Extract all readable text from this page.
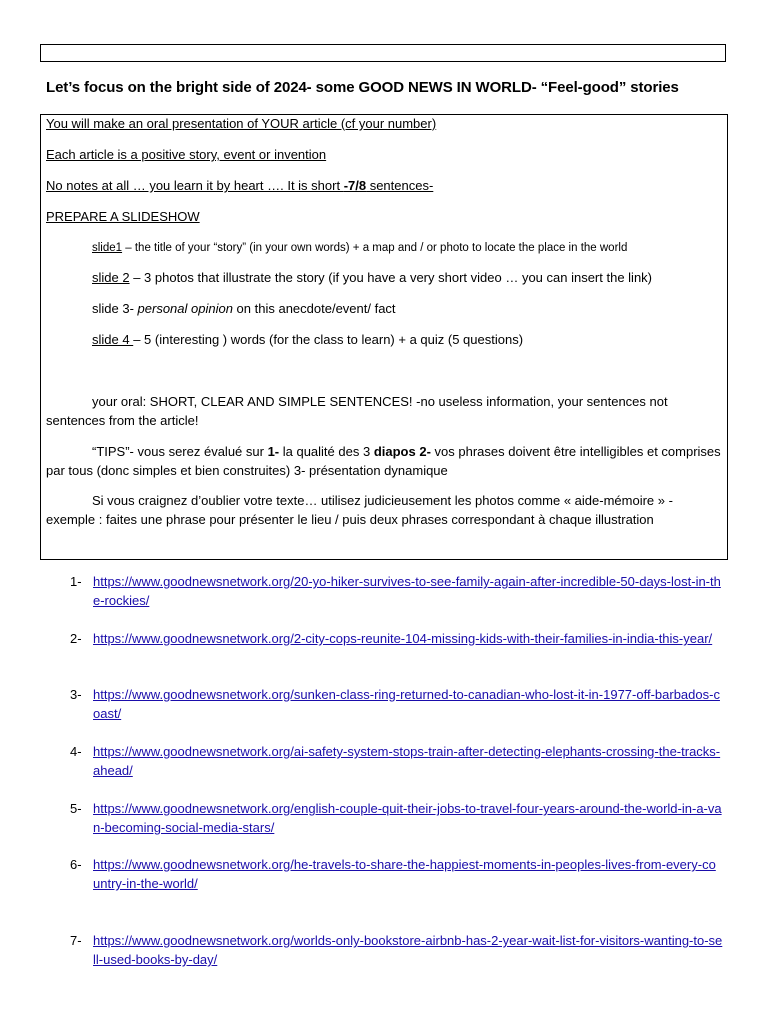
Let’s focus on the bright side of 2024- some GOOD NEWS IN WORLD- “Feel-good” stories
You will make an oral presentation of YOUR article (cf your number)
Each article is a positive story, event or invention
No notes at all … you learn it by heart …. It is short -7/8 sentences-
PREPARE A SLIDESHOW
slide1 – the title of your “story” (in your own words) + a map and / or photo to locate the place in the world
slide 2 – 3 photos that illustrate the story (if you have a very short video … you can insert the link)
slide 3- personal opinion on this anecdote/event/ fact
slide 4 – 5 (interesting ) words (for the class to learn) + a quiz (5 questions)
your oral: SHORT, CLEAR AND SIMPLE SENTENCES! -no useless information, your sentences not sentences from the article!
“TIPS”- vous serez évalué sur 1- la qualité des 3 diapos 2- vos phrases doivent être intelligibles et comprises par tous (donc simples et bien construites) 3- présentation dynamique
Si vous craignez d’oublier votre texte… utilisez judicieusement les photos comme « aide-mémoire » - exemple : faites une phrase pour présenter le lieu / puis deux phrases correspondant à chaque illustration
1- https://www.goodnewsnetwork.org/20-yo-hiker-survives-to-see-family-again-after-incredible-50-days-lost-in-the-rockies/
2- https://www.goodnewsnetwork.org/2-city-cops-reunite-104-missing-kids-with-their-families-in-india-this-year/
3- https://www.goodnewsnetwork.org/sunken-class-ring-returned-to-canadian-who-lost-it-in-1977-off-barbados-coast/
4- https://www.goodnewsnetwork.org/ai-safety-system-stops-train-after-detecting-elephants-crossing-the-tracks-ahead/
5- https://www.goodnewsnetwork.org/english-couple-quit-their-jobs-to-travel-four-years-around-the-world-in-a-van-becoming-social-media-stars/
6- https://www.goodnewsnetwork.org/he-travels-to-share-the-happiest-moments-in-peoples-lives-from-every-country-in-the-world/
7- https://www.goodnewsnetwork.org/worlds-only-bookstore-airbnb-has-2-year-wait-list-for-visitors-wanting-to-sell-used-books-by-day/
